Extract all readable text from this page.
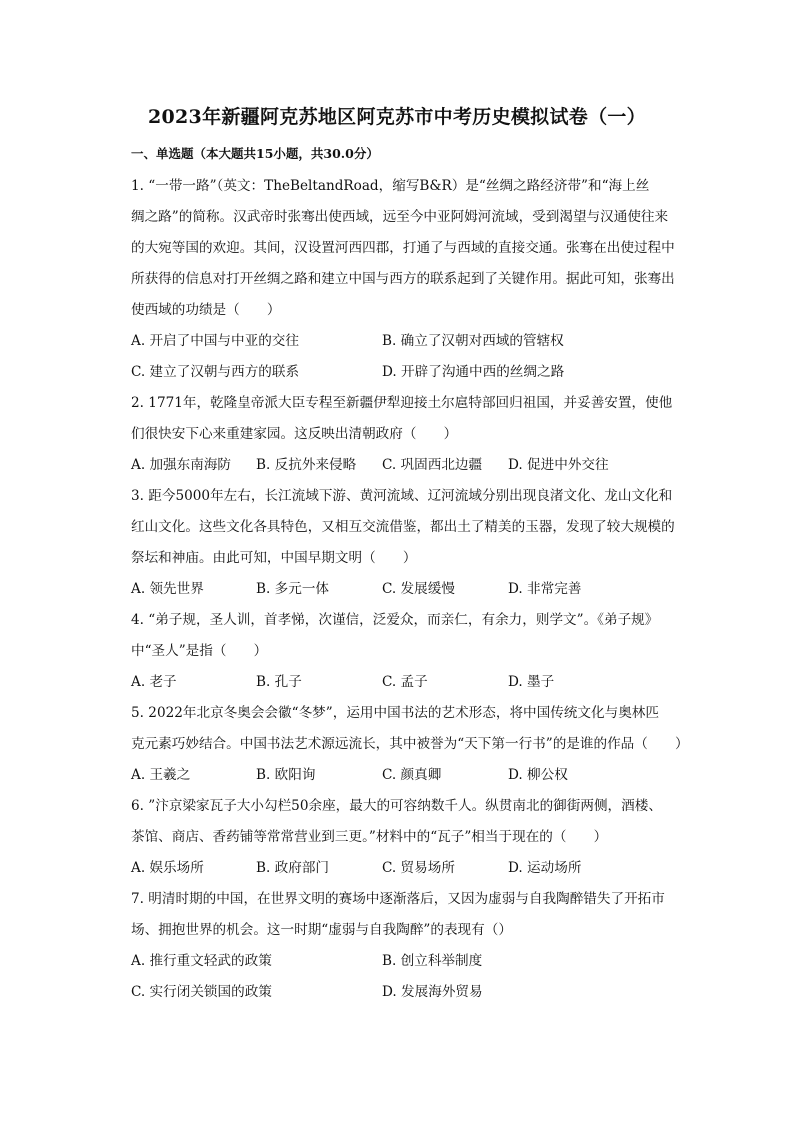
2023年新疆阿克苏地区阿克苏市中考历史模拟试卷（一）
一、单选题（本大题共15小题，共30.0分）
1. “一带一路”（英文：TheBeltandRoad，缩写B&R）是“丝绸之路经济带”和“海上丝
绸之路”的简称。汉武帝时张骞出使西域，远至今中亚阿姆河流域，受到渴望与汉通使往来
的大宛等国的欢迎。其间，汉设置河西四郡，打通了与西域的直接交通。张骞在出使过程中
所获得的信息对打开丝绸之路和建立中国与西方的联系起到了关键作用。据此可知，张骞出
使西域的功绩是（　　）
A. 开启了中国与中亚的交往	B. 确立了汉朝对西域的管辖权
C. 建立了汉朝与西方的联系	D. 开辟了沟通中西的丝绸之路
2. 1771年，乾隆皇帝派大臣专程至新疆伊犁迎接土尔扈特部回归祖国，并妥善安置，使他
们很快安下心来重建家园。这反映出清朝政府（　　）
A. 加强东南海防 B. 反抗外来侵略 C. 巩固西北边疆 D. 促进中外交往
3. 距今5000年左右，长江流域下游、黄河流域、辽河流域分别出现良渚文化、龙山文化和
红山文化。这些文化各具特色，又相互交流借鉴，都出土了精美的玉器，发现了较大规模的
祭坛和神庙。由此可知，中国早期文明（　　）
A. 领先世界	B. 多元一体	C. 发展缓慢	D. 非常完善
4. “弟子规，圣人训，首孝悌，次谨信，泛爱众，而亲仁，有余力，则学文”。《弟子规》
中“圣人”是指（　　）
A. 老子	B. 孔子	C. 孟子	D. 墨子
5. 2022年北京冬奥会会徽“冬梦”，运用中国书法的艺术形态，将中国传统文化与奥林匹
克元素巧妙结合。中国书法艺术源远流长，其中被誉为“天下第一行书”的是谁的作品（　　）
A. 王羲之	B. 欧阳询	C. 颜真卿	D. 柳公权
6. ”汴京梁家瓦子大小勾栏50余座，最大的可容纳数千人。纵贯南北的御街两侧，酒楼、
茶馆、商店、香药铺等常常营业到三更。”材料中的“瓦子”相当于现在的（　　）
A. 娱乐场所	B. 政府部门	C. 贸易场所	D. 运动场所
7. 明清时期的中国，在世界文明的赛场中逐渐落后，又因为虚弱与自我陶醉错失了开拓市
场、拥抱世界的机会。这一时期“虚弱与自我陶醉”的表现有（）
A. 推行重文轻武的政策	B. 创立科举制度
C. 实行闭关锁国的政策	D. 发展海外贸易
